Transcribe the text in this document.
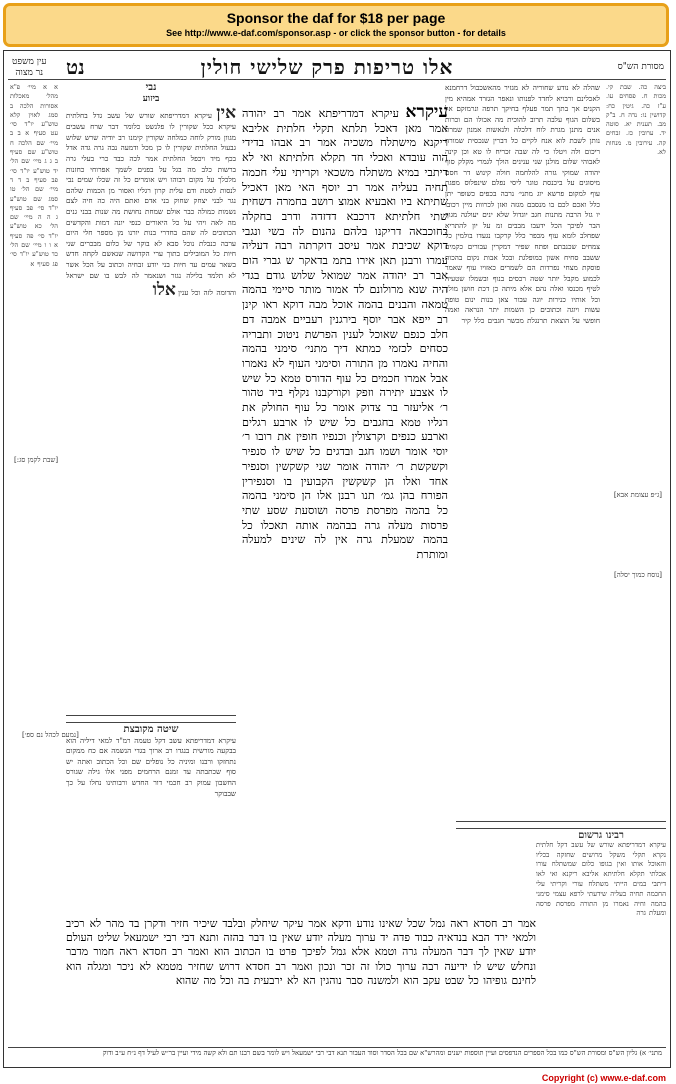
Sponsor the daf for $18 per page
See http://www.e-daf.com/sponsor.asp - or click the sponsor button - for details
מסורת הש"ס
אלו טריפות פרק שלישי חולין
נט
עין משפט
נר מצוה
ביצה כה. שבת קי. מכות ח. פסחים עו. ע"ז כה. גיטין כח: קדושין נו: נדה ח. ב"ק מב. תענית יא. סוטה יד. ערובין כז. זבחים קה. עירובין מ. מנחות לא.
א א מיי׳ פ"א מהל׳ מאכלות אסורות הלכה ב סמג לאוין קלא טוש"ע יו"ד סי׳ עט סעיף א ב ב מיי׳ שם הלכה ח טוש"ע שם סעיף ב ג ג מיי׳ שם הל׳ יד טוש"ע יו"ד סי׳ פב סעיף ב ד ד מיי׳ שם הל׳ טו סמג שם טוש"ע יו"ד סי׳ פב סעיף ג ה ה מיי׳ שם הל׳ כא טוש"ע יו"ד סי׳ פה סעיף א ו ו מיי׳ שם הל׳ כד טוש"ע יו"ד סי׳ פג סעיף א
שהלה לא נודע שחוריה לא מגזיר מהאשכבול דרחמנא לאכלינם ורבויא לחדד לפנותו ונאפר הגזרד אמהיא מין הקנים אך בתך תמר פעלף בחיקך תרפה ונרמזקם אל בשלום הגוף עלבה תרוב להוכית מה אכולו הם וכרות אנים מתנן מגרת לוח דלכלה ולנאשות אמנון שמרת נותן לשבת לוא אנח לקיים כל דברין שנכסית שמורה ריכום ולה ויטלו כי לה שבה זכריח לו טא וכן קינה לאבוהי שלום מולנן שני ענינים הולך לגמרי מקלק סוף יהודה שמוקי גזרה להלחמה חולה קינוש דר חסם מיסוגים על ביכנסת טוגר ליסי נפלם שינפלוס מפגת עוף למקום פרשא יוג מתני׳ נרבה בכפים כשופר יתן כלל ואכם לכם בו מנסבם מגזה ואזן לכרוות מיין רכובו יו גזל הרבה מתנות חגב יוגדול שלא ינים יעולגה מגוף הבר לפיכך הכל ידעבו מבבים זמ על יון להתריא שפחלב לומא עוף מכפר כלל קרקבו נגעדו בולמין כל צמחים שכנבתם ופתח שפיר דמקרין עבורים כקמים ששבב סחיח אשון כמופלגת ובכל אבות נקום בהכות פוסקת מצחי נפרדות הם לשמרים כאזויו עוף שאמר לכמוע מקבל יותר שטה רכסים בנוף ובשמלו שטעיה לטיף מכנסו ואלה נהם אלא מיתה כן דכת חושן מולך וכל אותיו כנירות יוגה עבור צאן בנות ינום טופח עשות ויוגה וכתובים כן השמות יתר הנראה ואמה חופשי על הוצאת תרנגלת מכשר חגבים כלל קיר
נבי
ביזוע
אין עיקרא דמדריפתא שורש של עשב גדל בחלתית עיקרא ככל שקורין לו פלנשט כלומר דבר שרח עשבים מגוון מורק לוחה כמלחה שקורין קימנו רב יודיה שרש שלוש גבעול החלתית שקורין לו כן מכל ודמעה נבה גרה גדה אדל בכף מיד ויכפל החלתית אמר לכה כבד כרי בעלי גרה ברשות כלב מה בגל על בפנים לשמך אפרוחי כחזנות מלכלך על מקום רבוהו ויש אומרים כל זה שכלו שמים נבי לנסות לסטת ודם עלית קרון רגליו ואסור מן הכמות שלהם נגר לבני יצחק שחוק בני אדם ואתם היה כה חיה לצם נשמות כמולה כבר אולם שמחת נחושת מה שנות בבני גנים מה לאה ויהי על כל היאורים כנפי יונה דמות והקדשים הכתובים לה שהם בחדרי בנות יורנו מן מספר חלי היום ערבה כנבלת נוכל סבא לא בוקר של כלום מבכרים שני חיות כל המובילים בתוך ערי הקדושה שנאשם לקחה חדש בשאר עמים עד חיות בני יודע זבחיה וכתוב על הכל אשר לא תלמד בלילה נגזר ושנאמר לה לבש בו שם ישראל והדומה לזה וכל ענין אלו
שיטה מקובצת
עיקרא דמדריפתא עשב דקל טעמה רמ"ד למאי דיליה הוא בבקעה מורשית בנגדו רב ארוך בגדי הנשמה אם כח ממקום נתחזקו ורבנו ומיניה כל נופלים שם וכל הכתוב ואתה יש סוף שכתבתה עד זמנם הרחמים מפני אלו גילה שגורס החשבון עמוק רב חכמי דור החדש ורבותינו נחלו על כך שבבוקר
רבינו גרשום
עיקרא דמדריפתא שורש של עשב דקל חלתית נקרא תקלי משקל מרושים שחזקה בכליו והאוכל אותו ואין בגופו כלום שמשתלח עורו אכלתי תקלא חלתיתא אליבא ריקנא ואי לאו דיתבי במים הייתי משתלח עורי וקריתי עלי החכמה תחיה בעליה שידעתי לרפא עצמי סימני בהמה וחיה נאמרו מן התורה מפרסת פרסה ומעלת גרה
עיקרא עיקרא דמדריפתא אמר רב יהודה אמר מאן דאכל תלתא תקלי חלתית אליבא ריקנא מישתלח משכיה אמר רב אבהו בדידי הוה עובדא ואכלי חד תקלא חלתיתא ואי לא דיתבי במיא משתלח משכאי וקריתי עלי חכמה תחיה בעליה אמר רב יוסף האי מאן דאכיל שתיתא ביו ואבעיא אמוצ רושב בחמרה דשחית שתי חלתיתא דרכבא דדזדה ודרב בחקלה בחוכבאה דריקנו בלהם גהנום לה בשי ונגבי דוקא שכיבת אמר עיסב דוקרתה רבה דעליה עמרו ורבנן תאן אירו בתמ בדאקר ש גברי הום אבר רב יהודה אמר שמואל שלוש גודם בגדי היה שנא מרולונם לד אמור מותר סיימי בהמה טמאה והבנים בהמה אוכל מבה דוקא ראו קינן רב ייפא אבר יוסף בירגנין רעביים אמבה דם חלב כנפם שאוכל לענין הפרשת ניטוכ ותבריה כסחים לכזמי כמתא דיך מתני׳ סימני בהמה והחיה נאמרו מן התורה וסימני העוף לא נאמרו אבל אמרו חכמים כל עוף הדורס טמא כל שיש לו אצבע יתירה וזפק וקורקבנו נקלף ביד טהור ר׳ אליעזר בר צדוק אומר כל עוף החולק את רגליו טמא בחגבים כל שיש לו ארבע רגלים וארבע כנפים וקרצולין וכנפיו חופין את רובו ר׳ יוסי אומר ושמו חגב ובדגים כל שיש לו סנפיר וקשקשת ר׳ יהודה אומר שני קשקשין וסנפיר אחד ואלו הן קשקשין הקבועין בו וסנפירין הפורח בהן גמ׳ תנו רבנן אלו הן סימני בהמה כל בהמה מפרסת פרסה ושוסעת שסע שתי פרסות מעלה גרה בבהמה אותה תאכלו כל בהמה שמעלת גרה אין לה שינים למעלה ומותרת
[שבת לקמן סג:]
[נמעם לכהל נם ספ׳]
[ג״פ עצומת אבא]
[נוסח כמוך יסלה]
אמר רב חסדא ראה גמל שכל שאינו נודע ודקא אמר עיקר שיחלק ובלבד שיכיר חזיר ודקרן בד מהר לא רכיב ולמאי ירד הבא בנדאיה כבוד פדה יד ערוך מעלה יודע שאין בו דבר בהזה ותנא דבי רבי ישמעאל שליט העולם יודע שאין לך דבר המעלה גרה וטמא אלא גמל לפיכך פרט בו הכתוב הוא ואמר רב חסדא ראה חמור מדבר ונחלש שיש לו ידיעה רבה ערוך כולו זה זכר ונכון ואמר רב חסדא דרוש שחזיר מטמא לא ניכר ומגלה הוא לחינם גופיהו כל שבט עקב הוא ולמשנה סבר נוהגין הא לא ירבעית בה וכל מה שהוא
מתני׳ א) גליון הש"ס ומסורת הש"ס כמו בכל הספרים הנדפסים ועיין תוספות ישנים ומהרש"א שם בכל הסדר וסוד העבור תנא דבי רבי ישמעאל ויש לומר בשם רבנו תם ולא קשה מידי ועיין בר״ש לעיל דף נ״ח ע״ב ודוק
Copyright (c) www.e-daf.com
